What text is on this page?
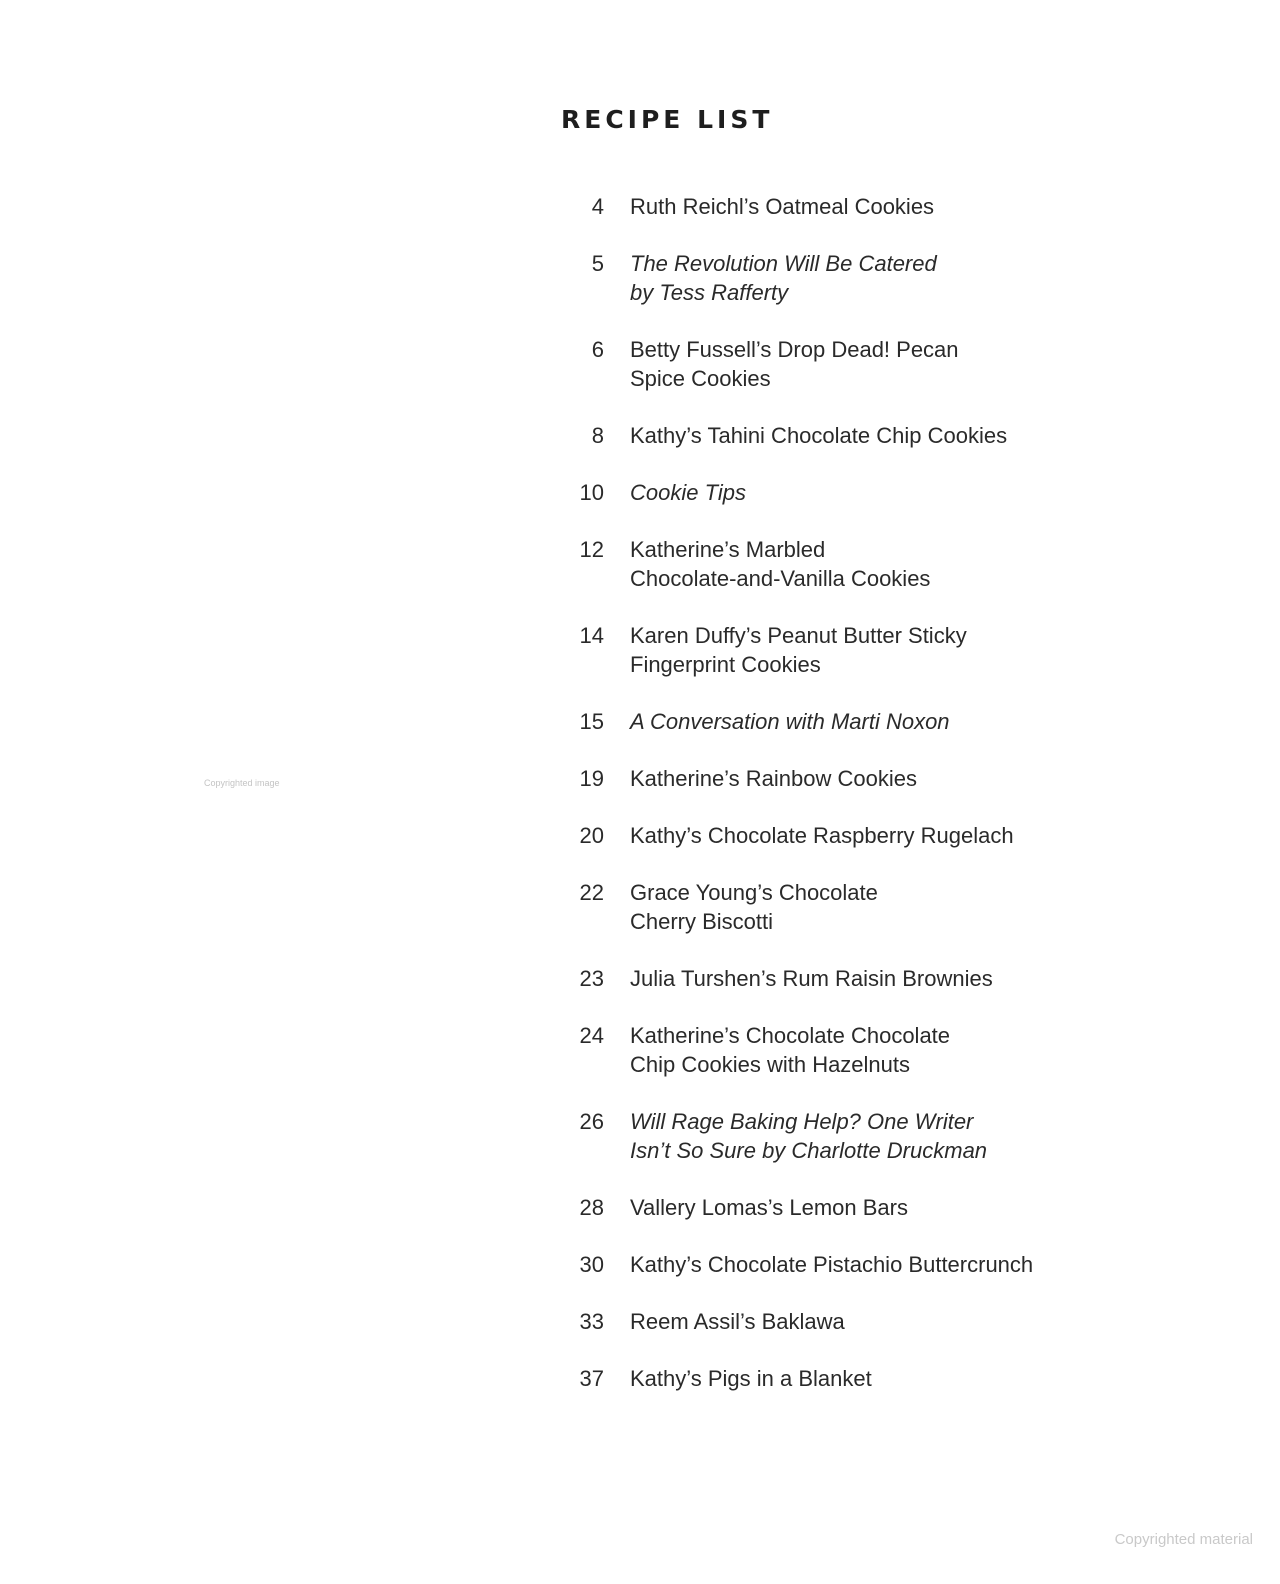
RECIPE LIST
4 Ruth Reichl’s Oatmeal Cookies
5 The Revolution Will Be Catered
by Tess Rafferty
6 Betty Fussell’s Drop Dead! Pecan
Spice Cookies
8 Kathy’s Tahini Chocolate Chip Cookies
10 Cookie Tips
12 Katherine’s Marbled
Chocolate-and-Vanilla Cookies
14 Karen Duffy’s Peanut Butter Sticky
Fingerprint Cookies
15 A Conversation with Marti Noxon
19 Katherine’s Rainbow Cookies
20 Kathy’s Chocolate Raspberry Rugelach
22 Grace Young’s Chocolate
Cherry Biscotti
23 Julia Turshen’s Rum Raisin Brownies
24 Katherine’s Chocolate Chocolate
Chip Cookies with Hazelnuts
26 Will Rage Baking Help? One Writer
Isn’t So Sure by Charlotte Druckman
28 Vallery Lomas’s Lemon Bars
30 Kathy’s Chocolate Pistachio Buttercrunch
33 Reem Assil’s Baklawa
37 Kathy’s Pigs in a Blanket
Copyrighted image
Copyrighted material
